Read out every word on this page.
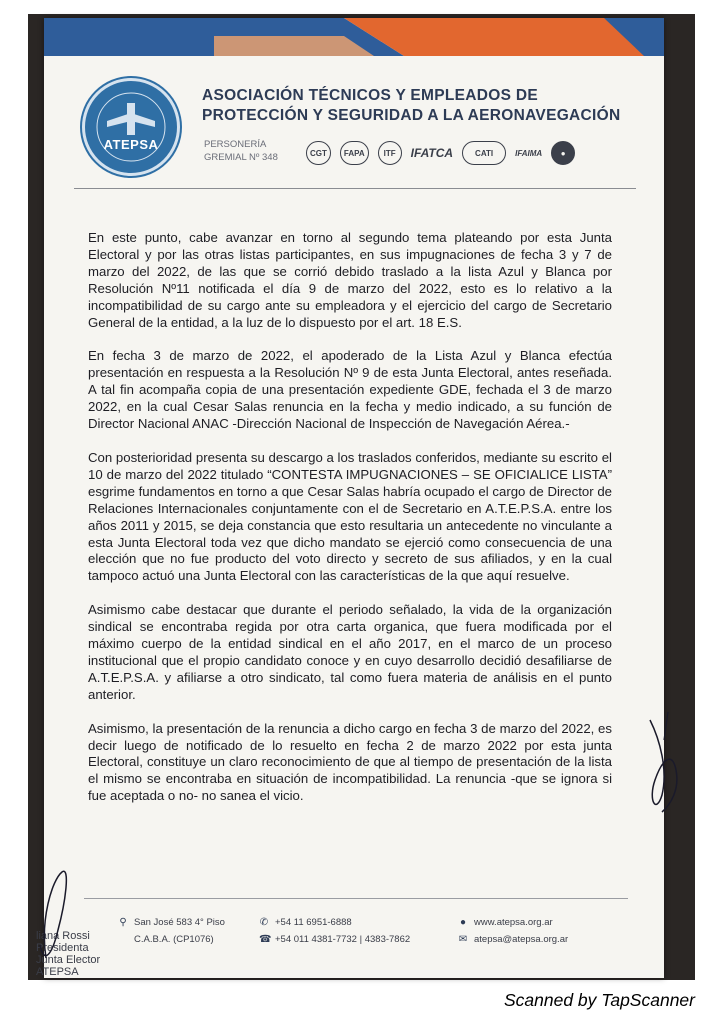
ATEPSA
ASOCIACIÓN TÉCNICOS Y EMPLEADOS DE
PROTECCIÓN Y SEGURIDAD A LA AERONAVEGACIÓN
PERSONERÍA
GREMIAL Nº 348	CGT	FAPA	ITF	IFATCA	CATI	IFAIMA	●

En este punto, cabe avanzar en torno al segundo tema plateando por esta Junta Electoral y por las otras listas participantes, en sus impugnaciones de fecha 3 y 7 de marzo del 2022, de las que se corrió debido traslado a la lista Azul y Blanca por Resolución Nº11 notificada el día 9 de marzo del 2022, esto es lo relativo a la incompatibilidad de su cargo ante su empleadora y el ejercicio del cargo de Secretario General de la entidad, a la luz de lo dispuesto por el art. 18 E.S.

En fecha 3 de marzo de 2022, el apoderado de la Lista Azul y Blanca efectúa presentación en respuesta a la Resolución Nº 9 de esta Junta Electoral, antes reseñada. A tal fin acompaña copia de una presentación expediente GDE, fechada el 3 de marzo 2022, en la cual Cesar Salas renuncia en la fecha y medio indicado, a su función de Director Nacional ANAC -Dirección Nacional de Inspección de Navegación Aérea.-

Con posterioridad presenta su descargo a los traslados conferidos, mediante su escrito el 10 de marzo del 2022 titulado “CONTESTA IMPUGNACIONES – SE OFICIALICE LISTA” esgrime fundamentos en torno a que Cesar Salas habría ocupado el cargo de Director de Relaciones Internacionales conjuntamente con el de Secretario en A.T.E.P.S.A. entre los años 2011 y 2015, se deja constancia que esto resultaria un antecedente no vinculante a esta Junta Electoral toda vez que dicho mandato se ejerció como consecuencia de una elección que no fue producto del voto directo y secreto de sus afiliados, y en la cual tampoco actuó una Junta Electoral con las características de la que aquí resuelve.

Asimismo cabe destacar que durante el periodo señalado, la vida de la organización sindical se encontraba regida por otra carta organica, que fuera modificada por el máximo cuerpo de la entidad sindical en el año 2017, en el marco de un proceso institucional que el propio candidato conoce y en cuyo desarrollo decidió desafiliarse de A.T.E.P.S.A. y afiliarse a otro sindicato, tal como fuera materia de análisis en el punto anterior.

Asimismo, la presentación de la renuncia a dicho cargo en fecha 3 de marzo del 2022, es decir luego de notificado de lo resuelto en fecha 2 de marzo 2022 por esta junta Electoral, constituye un claro reconocimiento de que al tiempo de presentación de la lista el mismo se encontraba en situación de incompatibilidad. La renuncia -que se ignora si fue aceptada o no- no sanea el vicio.

⚲ San José 583 4° Piso
C.A.B.A. (CP1076)
✆ +54 11 6951-6888
☎ +54 011 4381-7732 | 4383-7862
● www.atepsa.org.ar
✉ atepsa@atepsa.org.ar
liana Rossi
Presidenta
Junta Elector
ATEPSA
Scanned by TapScanner
